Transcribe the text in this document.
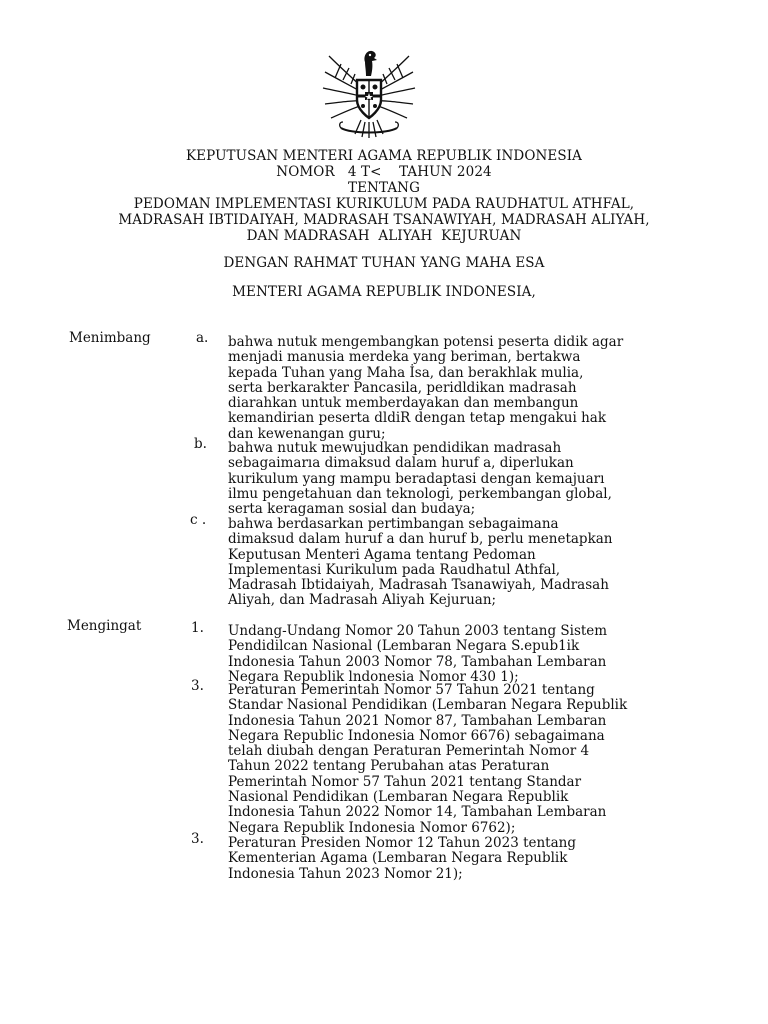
KEPUTUSAN MENTERI AGAMA REPUBLIK INDONESIA
NOMOR   4 T<    TAHUN 2024
TENTANG
PEDOMAN IMPLEMENTASI KURIKULUM PADA RAUDHATUL ATHFAL,
MADRASAH IBTIDAIYAH, MADRASAH TSANAWIYAH, MADRASAH ALIYAH,
DAN MADRASAH  ALIYAH  KEJURUAN
DENGAN RAHMAT TUHAN YANG MAHA ESA
MENTERI AGAMA REPUBLIK INDONESIA,
Menimbang	a. bahwa nutuk mengembangkan potensi peserta didik agar
menjadi manusia merdeka yang beriman, bertakwa
kepada Tuhan yang Maha İsa, dan berakhlak mulia,
serta berkarakter Pancasila, peridldikan madrasah
diarahkan untuk memberdayakan dan membangun
kemandirian peserta dldiR dengan tetap mengakui hak
dan kewenangan guru;
b. bahwa nutuk mewujudkan pendidikan madrasah
sebagaimarıa dimaksud dalam huruf a, diperlukan
kurikulum yang mampu beradaptasi dengan kemajuarı
ilmu pengetahuan dan teknologi, perkembangan global,
serta keragaman sosial dan budaya;
c . bahwa berdasarkan pertimbangan sebagaimana
dimaksud dalam huruf a dan huruf b, perlu menetapkan
Keputusan Menteri Agama tentang Pedoman
Implementasi Kurikulum pada Raudhatul Athfal,
Madrasah Ibtidaiyah, Madrasah Tsanawiyah, Madrasah
Aliyah, dan Madrasah Aliyah Kejuruan;
Mengingat	1. Undang-Undang Nomor 20 Tahun 2003 tentang Sistem
Pendidilcan Nasional (Lembaran Negara S.epub1ik
Indonesia Tahun 2003 Nomor 78, Tambahan Lembaran
Negara Republik lndonesia Nomor 430 1);
3. Peraturan Pemerintah Nomor 57 Tahun 2021 tentang
Standar Nasional Pendidikan (Lembaran Negara Republik
Indonesia Tahun 2021 Nomor 87, Tambahan Lembaran
Negara Republic Indonesia Nomor 6676) sebagaimana
telah diubah dengan Peraturan Pemerintah Nomor 4
Tahun 2022 tentang Perubahan atas Peraturan
Pemerintah Nomor 57 Tahun 2021 tentang Standar
Nasional Pendidikan (Lembaran Negara Republik
Indonesia Tahun 2022 Nomor 14, Tambahan Lembaran
Negara Republik Indonesia Nomor 6762);
3. Peraturan Presiden Nomor 12 Tahun 2023 tentang
Kementerian Agama (Lembaran Negara Republik
Indonesia Tahun 2023 Nomor 21);
